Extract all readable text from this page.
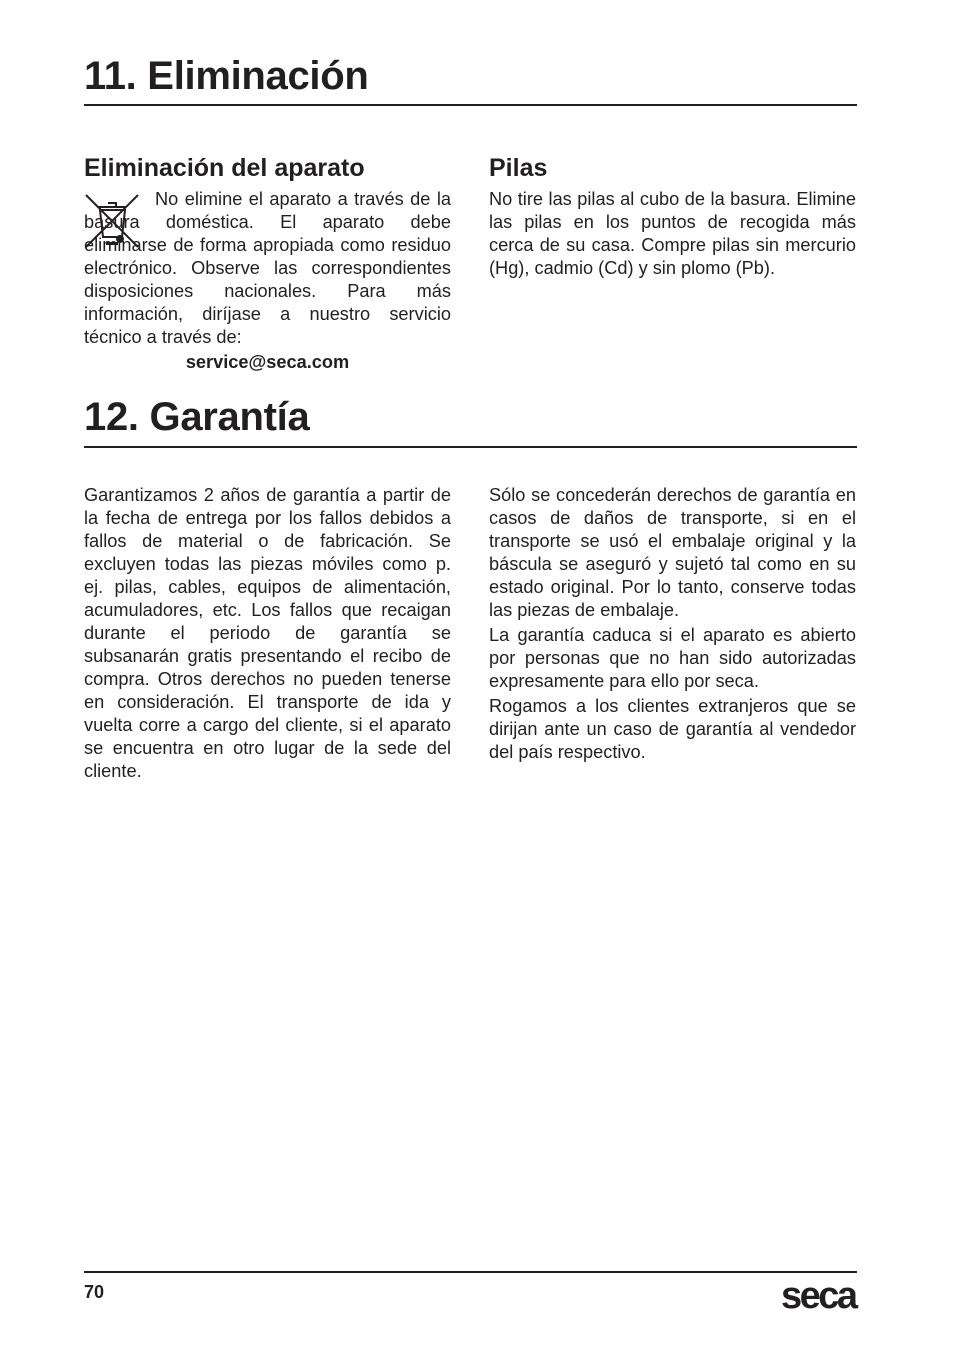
11. Eliminación
Eliminación del aparato

No elimine el aparato a través de la basura doméstica. El aparato debe eliminarse de forma apropiada como residuo electrónico. Observe las correspondientes disposiciones nacionales. Para más información, diríjase a nuestro servicio técnico a través de:

service@seca.com
Pilas

No tire las pilas al cubo de la basura. Elimine las pilas en los puntos de recogida más cerca de su casa. Compre pilas sin mercurio (Hg), cadmio (Cd) y sin plomo (Pb).

12. Garantía

Garantizamos 2 años de garantía a partir de la fecha de entrega por los fallos debidos a fallos de material o de fabricación. Se excluyen todas las piezas móviles como p. ej. pilas, cables, equipos de alimentación, acumuladores, etc. Los fallos que recaigan durante el periodo de garantía se subsanarán gratis presentando el recibo de compra. Otros derechos no pueden tenerse en consideración. El transporte de ida y vuelta corre a cargo del cliente, si el aparato se encuentra en otro lugar de la sede del cliente.

Sólo se concederán derechos de garantía en casos de daños de transporte, si en el transporte se usó el embalaje original y la báscula se aseguró y sujetó tal como en su estado original. Por lo tanto, conserve todas las piezas de embalaje.

La garantía caduca si el aparato es abierto por personas que no han sido autorizadas expresamente para ello por seca.

Rogamos a los clientes extranjeros que se dirijan ante un caso de garantía al vendedor del país respectivo.

70	seca
